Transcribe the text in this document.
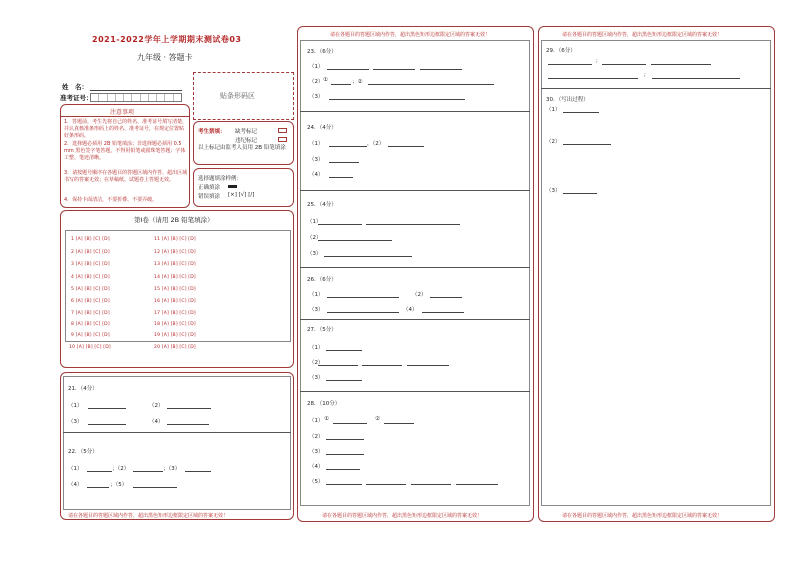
2021-2022学年上学期期末测试卷03
九年级 · 答题卡
姓　名：
准考证号：	贴条形码区
注意事项
1．答题前，考生先将自己的姓名、准考证号填写清楚，并认真核准条形码上的姓名、准考证号，在规定位置贴好条形码。
2．选择题必须用 2B 铅笔填涂；非选择题必须用 0.5 mm 黑色签字笔答题，不得用铅笔或圆珠笔答题；字体工整、笔迹清晰。
3．请按题号顺序在各题目的答题区域内作答，超出区域书写的答案无效；在草稿纸、试题卷上答题无效。
4．保持卡面清洁，不要折叠、不要弄破。
考生禁填： 缺考标记
违纪标记
以上标记由监考人员用 2B 铅笔填涂
选择题填涂样例：
正确填涂
错误填涂 [×] [√] [/]
第Ⅰ卷（请用 2B 铅笔填涂）
1 [A] [B] [C] [D]
2 [A] [B] [C] [D]
3 [A] [B] [C] [D]
4 [A] [B] [C] [D]
5 [A] [B] [C] [D]
6 [A] [B] [C] [D]
7 [A] [B] [C] [D]
8 [A] [B] [C] [D]
9 [A] [B] [C] [D]
10 [A] [B] [C] [D]
11 [A] [B] [C] [D]
12 [A] [B] [C] [D]
13 [A] [B] [C] [D]
14 [A] [B] [C] [D]
15 [A] [B] [C] [D]
16 [A] [B] [C] [D]
17 [A] [B] [C] [D]
18 [A] [B] [C] [D]
19 [A] [B] [C] [D]
20 [A] [B] [C] [D]
21．（4分）
（1）	（2）
（3）	（4）
22．（5分）
（1）	；（2）	；（3）
（4）	；（5）
请在各题目的答题区域内作答，超出黑色矩形边框限定区域的答案无效！
请在各题目的答题区域内作答，超出黑色矩形边框限定区域的答案无效！
23．（6分）
（1）
（2） ①	；②
（3）
24．（4分）
（1）	，（2）
（3）
（4）
25．（4分）
（1）
（2）
（3）
26．（6分）
（1）	（2）
（3）	（4）
27．（5分）
（1）
（2）
（3）
28．（10分）
（1） ①	②
（2）
（3）
（4）
（5）
请在各题目的答题区域内作答，超出黑色矩形边框限定区域的答案无效！
请在各题目的答题区域内作答，超出黑色矩形边框限定区域的答案无效！
29．（6分）
;
;
30．（写出过程）
（1）
（2）
（3）
请在各题目的答题区域内作答，超出黑色矩形边框限定区域的答案无效！
